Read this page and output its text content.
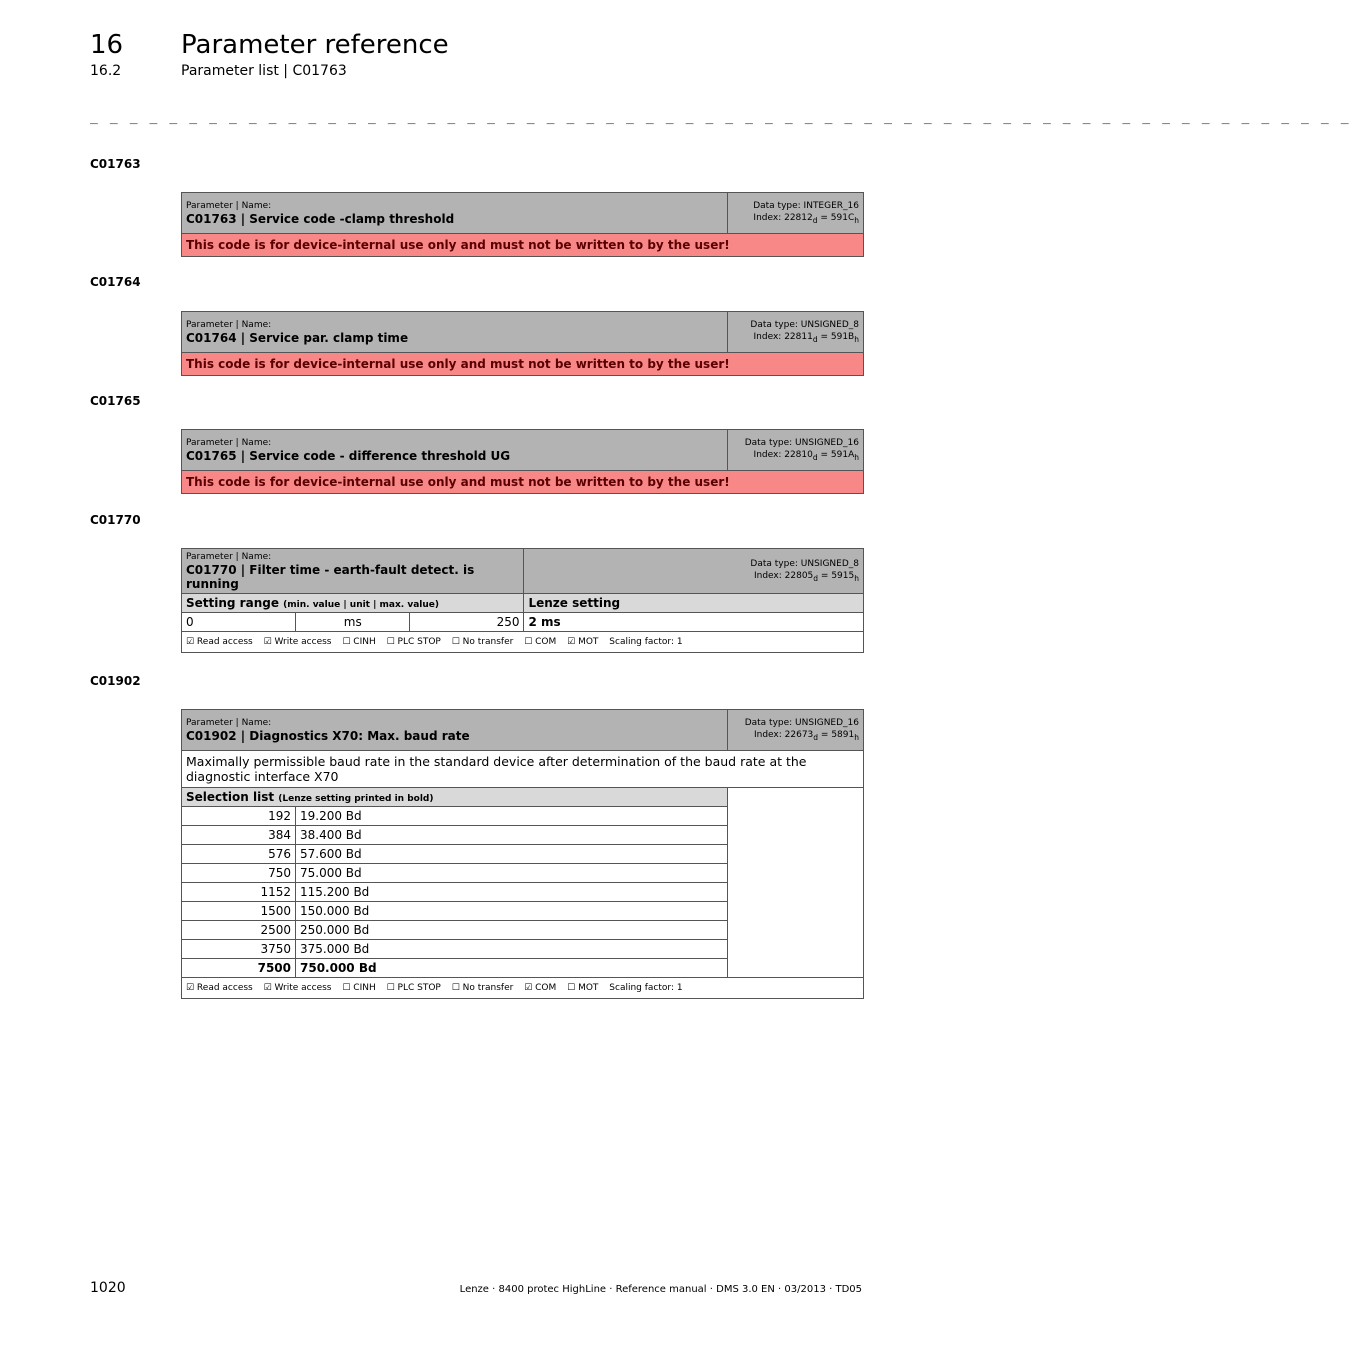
16 Parameter reference
16.2	Parameter list | C01763
_ _ _ _ _ _ _ _ _ _ _ _ _ _ _ _ _ _ _ _ _ _ _ _ _ _ _ _ _ _ _ _ _ _ _ _ _ _ _ _ _ _ _ _ _ _ _ _ _ _ _ _ _ _ _ _ _ _ _ _ _ _ _ _
C01763
Parameter | Name:
C01763 | Service code -clamp threshold
	Data type: INTEGER_16
Index: $22812_d = 591C_h$
This code is for device-internal use only and must not be written to by the user!
C01764
Parameter | Name:
C01764 | Service par. clamp time
	Data type: UNSIGNED_8
Index: $22811_d = 591B_h$
This code is for device-internal use only and must not be written to by the user!
C01765
Parameter | Name:
C01765 | Service code - difference threshold UG
	Data type: UNSIGNED_16
Index: $22810_d = 591A_h$
This code is for device-internal use only and must not be written to by the user!
C01770
Parameter | Name:
C01770 | Filter time - earth-fault detect. is running			Data type: UNSIGNED_8
Index: $22805_d = 5915_h$
Setting range (min. value | unit | max. value)			Lenze setting
0	ms	250	2 ms
☑ Read access ☑ Write access ☐ CINH ☐ PLC STOP ☐ No transfer ☐ COM ☑ MOT Scaling factor: 1			
C01902
Parameter | Name:
C01902 | Diagnostics X70: Max. baud rate		Data type: UNSIGNED_16
Index: $22673_d = 5891_h$
Maximally permissible baud rate in the standard device after determination of the baud rate at the diagnostic interface X70		
Selection list (Lenze setting printed in bold)		
192	19.200 Bd	
384	38.400 Bd	
576	57.600 Bd	
750	75.000 Bd	
1152	115.200 Bd	
1500	150.000 Bd	
2500	250.000 Bd	
3750	375.000 Bd	
7500	750.000 Bd	
☑ Read access ☑ Write access ☐ CINH ☐ PLC STOP ☐ No transfer ☑ COM ☐ MOT Scaling factor: 1		
1020	Lenze · 8400 protec HighLine · Reference manual · DMS 3.0 EN · 03/2013 · TD05
